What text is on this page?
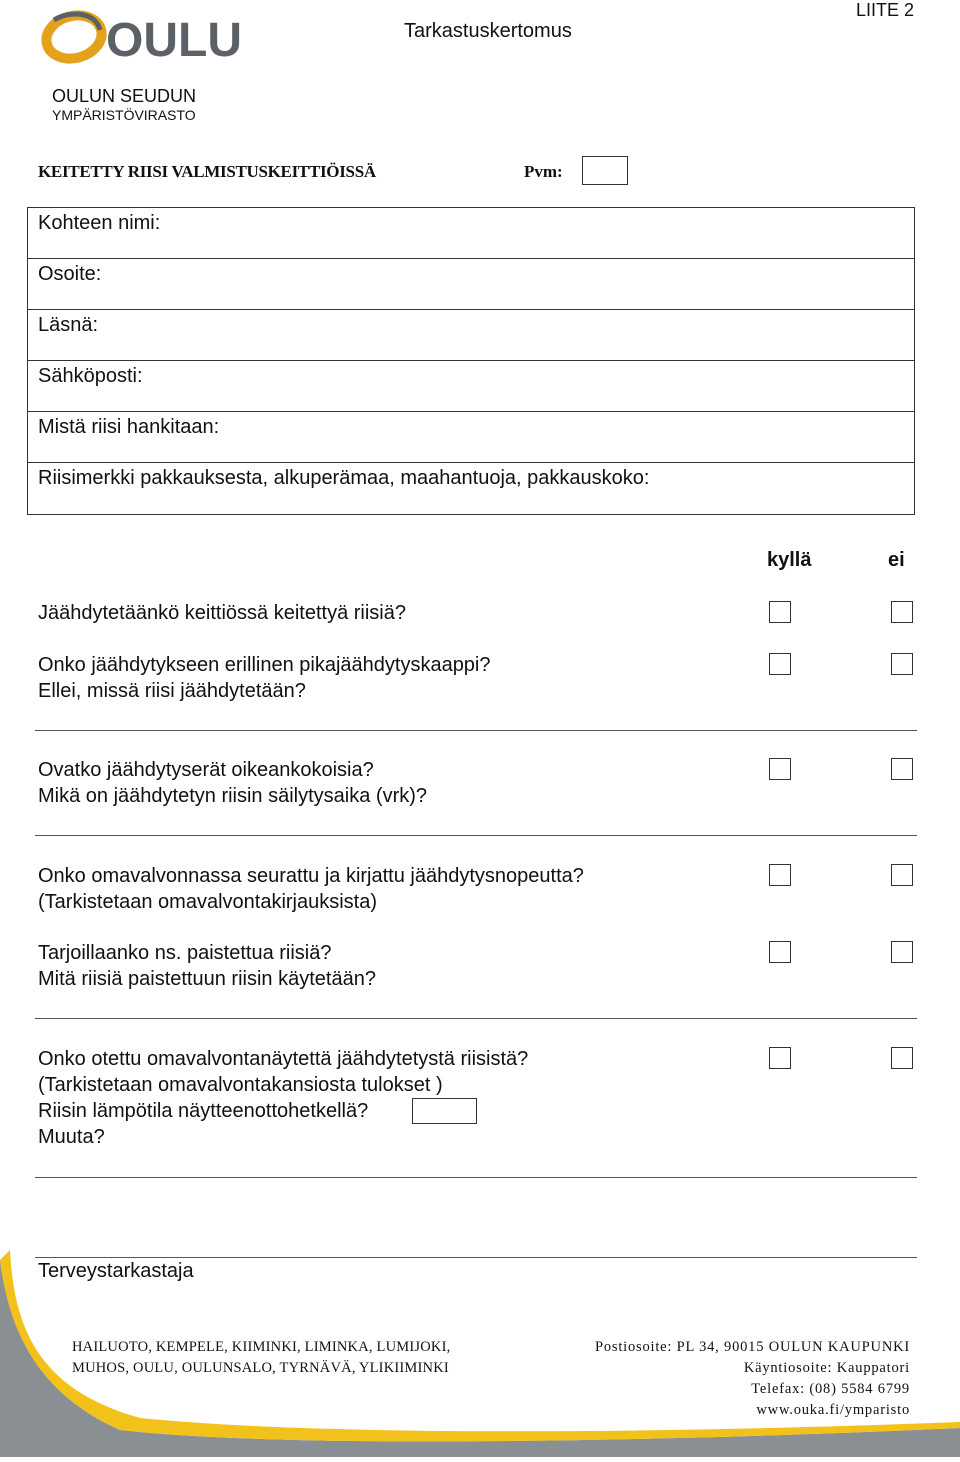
OULU
LIITE 2
Tarkastuskertomus
OULUN SEUDUN
YMPÄRISTÖVIRASTO
KEITETTY RIISI VALMISTUSKEITTIÖISSÄ	Pvm:
Kohteen nimi:
Osoite:
Läsnä:
Sähköposti:
Mistä riisi hankitaan:
Riisimerkki pakkauksesta, alkuperämaa, maahantuoja, pakkauskoko:
kyllä	ei
Jäähdytetäänkö keittiössä keitettyä riisiä?
Onko jäähdytykseen erillinen pikajäähdytyskaappi?
Ellei, missä riisi jäähdytetään?
Ovatko jäähdytyserät oikeankokoisia?
Mikä on jäähdytetyn riisin säilytysaika (vrk)?
Onko omavalvonnassa seurattu ja kirjattu jäähdytysnopeutta?
(Tarkistetaan omavalvontakirjauksista)
Tarjoillaanko ns. paistettua riisiä?
Mitä riisiä paistettuun riisin käytetään?
Onko otettu omavalvontanäytettä jäähdytetystä riisistä?
(Tarkistetaan omavalvontakansiosta tulokset )
Riisin lämpötila näytteenottohetkellä?
Muuta?
Terveystarkastaja
HAILUOTO, KEMPELE, KIIMINKI, LIMINKA, LUMIJOKI,
MUHOS, OULU, OULUNSALO, TYRNÄVÄ, YLIKIIMINKI
Postiosoite: PL 34, 90015 OULUN KAUPUNKI
Käyntiosoite: Kauppatori
Telefax: (08) 5584 6799
www.ouka.fi/ymparisto
